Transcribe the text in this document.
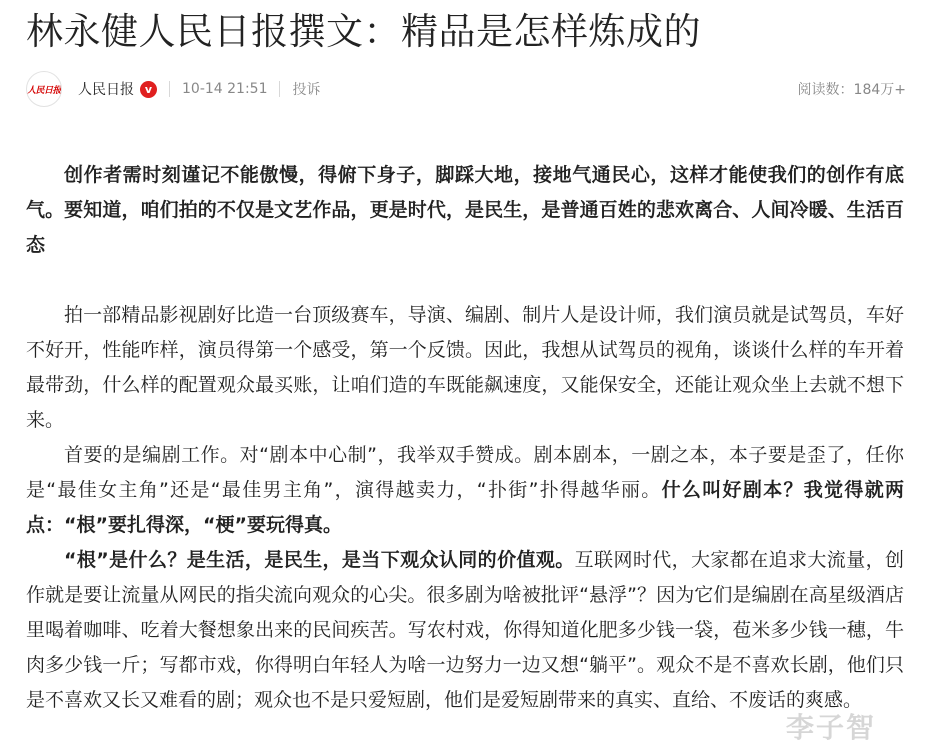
林永健人民日报撰文：精品是怎样炼成的
人民日报 人民日报 v	10-14 21:51 投诉	阅读数：184万+

创作者需时刻谨记不能傲慢，得俯下身子，脚踩大地，接地气通民心，这样才能使我们的创作有底气。要知道，咱们拍的不仅是文艺作品，更是时代，是民生，是普通百姓的悲欢离合、人间冷暖、生活百态

拍一部精品影视剧好比造一台顶级赛车，导演、编剧、制片人是设计师，我们演员就是试驾员，车好不好开，性能咋样，演员得第一个感受，第一个反馈。因此，我想从试驾员的视角，谈谈什么样的车开着最带劲，什么样的配置观众最买账，让咱们造的车既能飙速度，又能保安全，还能让观众坐上去就不想下来。

首要的是编剧工作。对“剧本中心制”，我举双手赞成。剧本剧本，一剧之本，本子要是歪了，任你是“最佳女主角”还是“最佳男主角”，演得越卖力，“扑街”扑得越华丽。什么叫好剧本？我觉得就两点：“根”要扎得深，“梗”要玩得真。

“根”是什么？是生活，是民生，是当下观众认同的价值观。互联网时代，大家都在追求大流量，创作就是要让流量从网民的指尖流向观众的心尖。很多剧为啥被批评“悬浮”？因为它们是编剧在高星级酒店里喝着咖啡、吃着大餐想象出来的民间疾苦。写农村戏，你得知道化肥多少钱一袋，苞米多少钱一穗，牛肉多少钱一斤；写都市戏，你得明白年轻人为啥一边努力一边又想“躺平”。观众不是不喜欢长剧，他们只是不喜欢又长又难看的剧；观众也不是只爱短剧，他们是爱短剧带来的真实、直给、不废话的爽感。

李子智
